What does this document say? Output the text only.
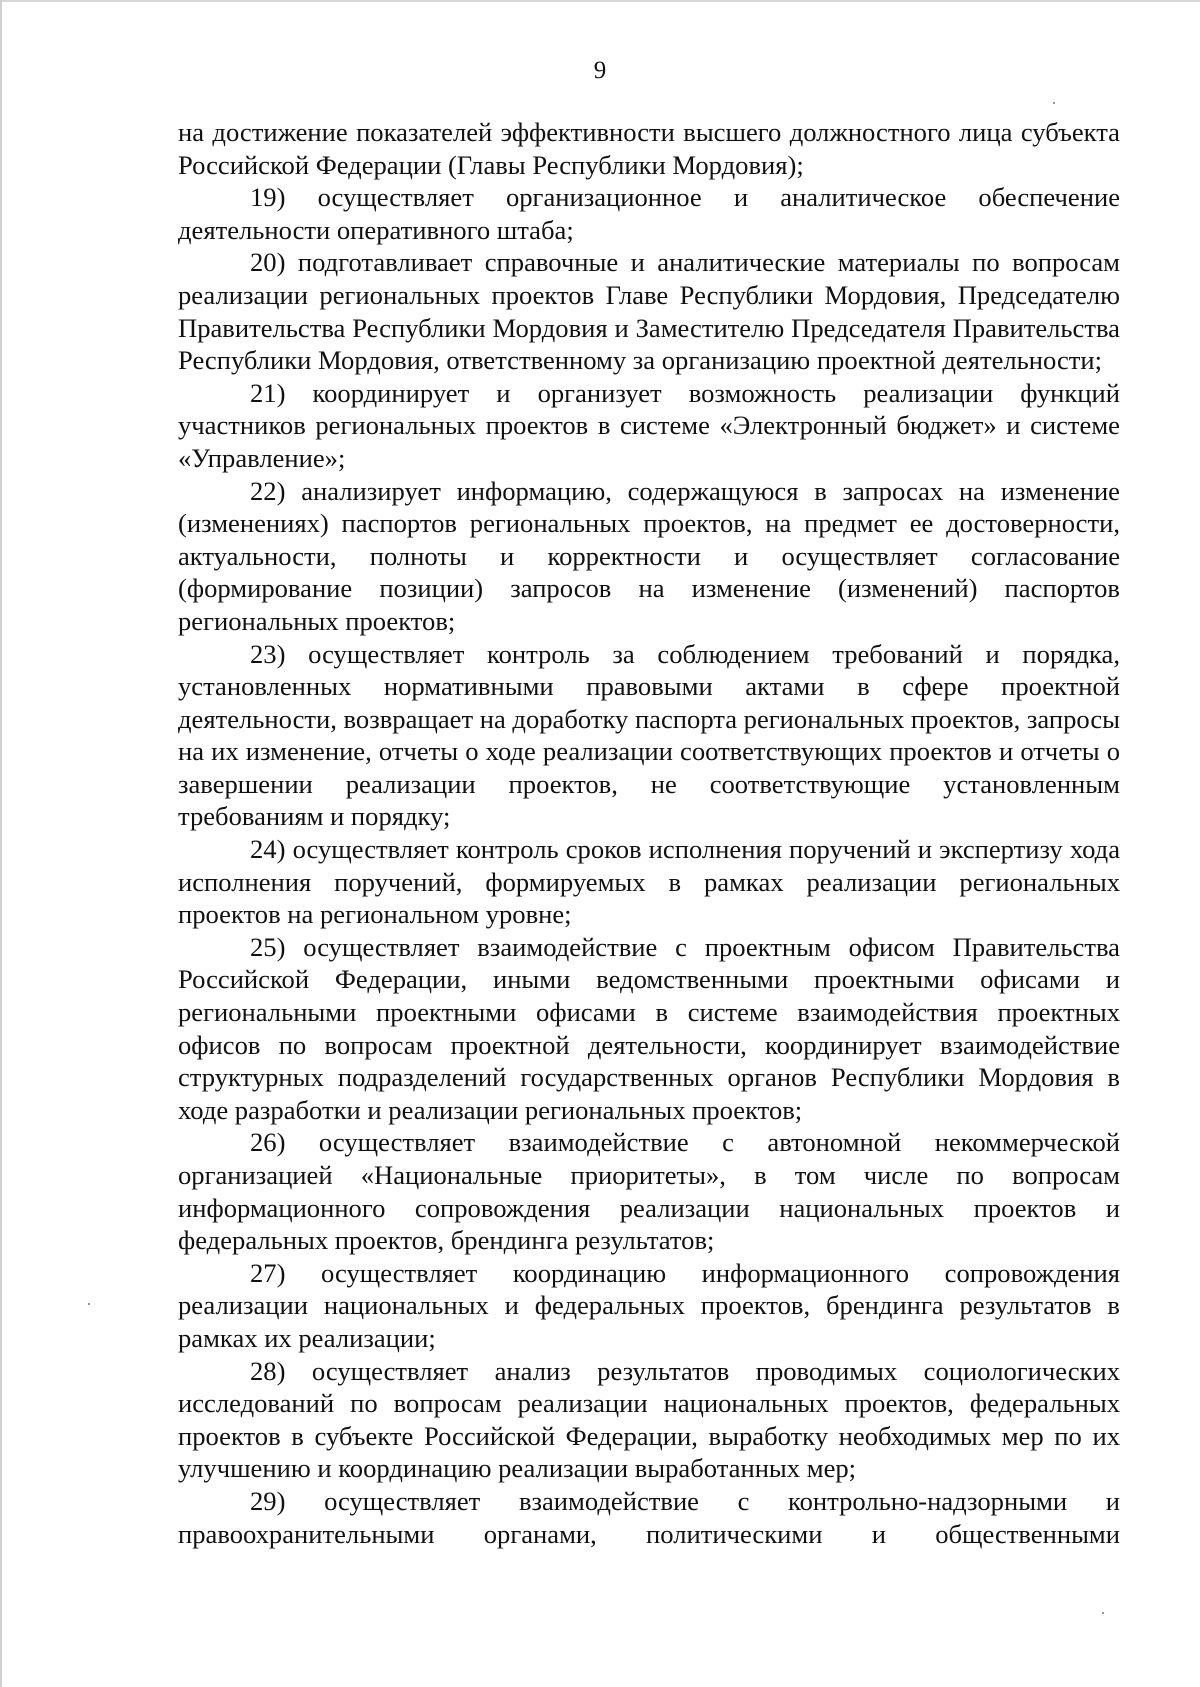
9

на достижение показателей эффективности высшего должностного лица субъекта Российской Федерации (Главы Республики Мордовия);

19) осуществляет организационное и аналитическое обеспечение деятельности оперативного штаба;

20) подготавливает справочные и аналитические материалы по вопросам реализации региональных проектов Главе Республики Мордовия, Председателю Правительства Республики Мордовия и Заместителю Председателя Правительства Республики Мордовия, ответственному за организацию проектной деятельности;

21) координирует и организует возможность реализации функций участников региональных проектов в системе «Электронный бюджет» и системе «Управление»;

22) анализирует информацию, содержащуюся в запросах на изменение (изменениях) паспортов региональных проектов, на предмет ее достоверности, актуальности, полноты и корректности и осуществляет согласование (формирование позиции) запросов на изменение (изменений) паспортов региональных проектов;

23) осуществляет контроль за соблюдением требований и порядка, установленных нормативными правовыми актами в сфере проектной деятельности, возвращает на доработку паспорта региональных проектов, запросы на их изменение, отчеты о ходе реализации соответствующих проектов и отчеты о завершении реализации проектов, не соответствующие установленным требованиям и порядку;

24) осуществляет контроль сроков исполнения поручений и экспертизу хода исполнения поручений, формируемых в рамках реализации региональных проектов на региональном уровне;

25) осуществляет взаимодействие с проектным офисом Правительства Российской Федерации, иными ведомственными проектными офисами и региональными проектными офисами в системе взаимодействия проектных офисов по вопросам проектной деятельности, координирует взаимодействие структурных подразделений государственных органов Республики Мордовия в ходе разработки и реализации региональных проектов;

26) осуществляет взаимодействие с автономной некоммерческой организацией «Национальные приоритеты», в том числе по вопросам информационного сопровождения реализации национальных проектов и федеральных проектов, брендинга результатов;

27) осуществляет координацию информационного сопровождения реализации национальных и федеральных проектов, брендинга результатов в рамках их реализации;

28) осуществляет анализ результатов проводимых социологических исследований по вопросам реализации национальных проектов, федеральных проектов в субъекте Российской Федерации, выработку необходимых мер по их улучшению и координацию реализации выработанных мер;

29) осуществляет взаимодействие с контрольно-надзорными и правоохранительными органами, политическими и общественными
